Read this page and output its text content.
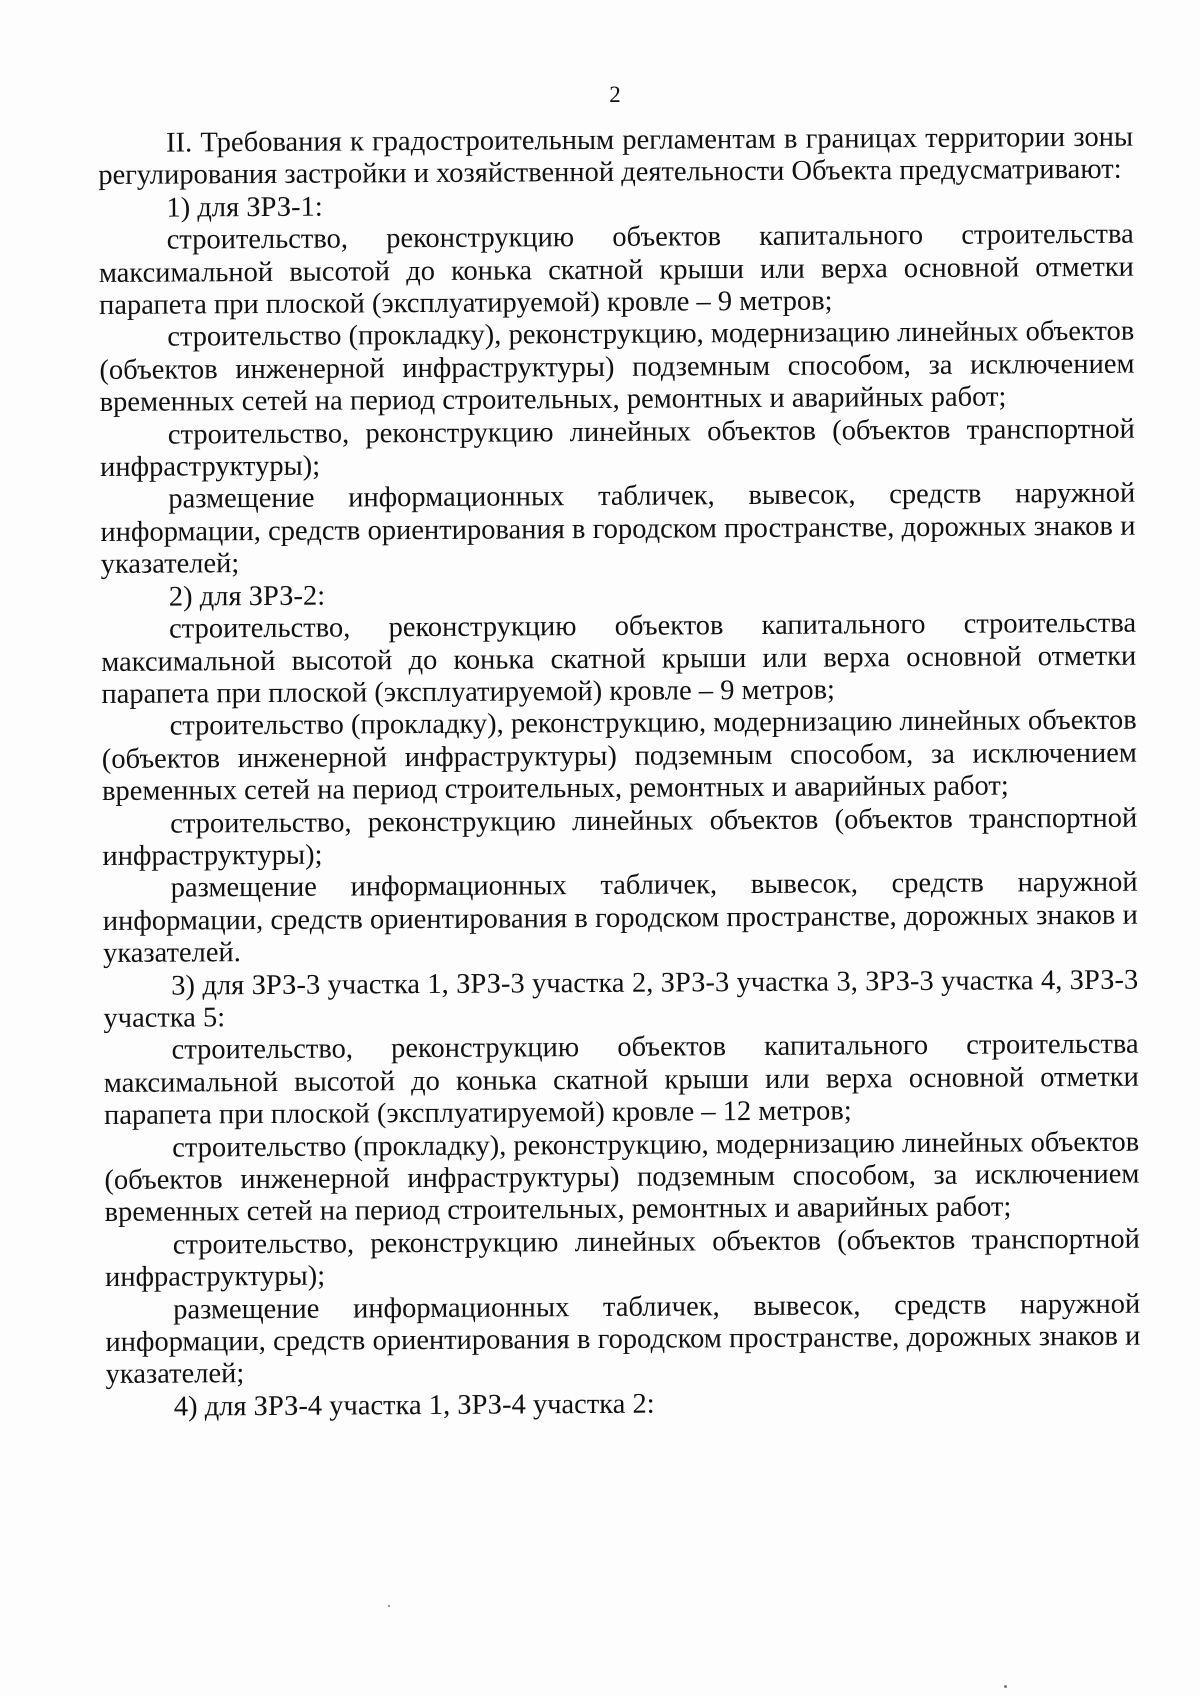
2

II. Требования к градостроительным регламентам в границах территории зоны регулирования застройки и хозяйственной деятельности Объекта предусматривают:

1) для ЗРЗ-1:

строительство, реконструкцию объектов капитального строительства максимальной высотой до конька скатной крыши или верха основной отметки парапета при плоской (эксплуатируемой) кровле – 9 метров;

строительство (прокладку), реконструкцию, модернизацию линейных объектов (объектов инженерной инфраструктуры) подземным способом, за исключением временных сетей на период строительных, ремонтных и аварийных работ;

строительство, реконструкцию линейных объектов (объектов транспортной инфраструктуры);

размещение информационных табличек, вывесок, средств наружной информации, средств ориентирования в городском пространстве, дорожных знаков и указателей;

2) для ЗРЗ-2:

строительство, реконструкцию объектов капитального строительства максимальной высотой до конька скатной крыши или верха основной отметки парапета при плоской (эксплуатируемой) кровле – 9 метров;

строительство (прокладку), реконструкцию, модернизацию линейных объектов (объектов инженерной инфраструктуры) подземным способом, за исключением временных сетей на период строительных, ремонтных и аварийных работ;

строительство, реконструкцию линейных объектов (объектов транспортной инфраструктуры);

размещение информационных табличек, вывесок, средств наружной информации, средств ориентирования в городском пространстве, дорожных знаков и указателей.

3) для ЗРЗ-3 участка 1, ЗРЗ-3 участка 2, ЗРЗ-3 участка 3, ЗРЗ-3 участка 4, ЗРЗ-3 участка 5:

строительство, реконструкцию объектов капитального строительства максимальной высотой до конька скатной крыши или верха основной отметки парапета при плоской (эксплуатируемой) кровле – 12 метров;

строительство (прокладку), реконструкцию, модернизацию линейных объектов (объектов инженерной инфраструктуры) подземным способом, за исключением временных сетей на период строительных, ремонтных и аварийных работ;

строительство, реконструкцию линейных объектов (объектов транспортной инфраструктуры);

размещение информационных табличек, вывесок, средств наружной информации, средств ориентирования в городском пространстве, дорожных знаков и указателей;

4) для ЗРЗ-4 участка 1, ЗРЗ-4 участка 2:
